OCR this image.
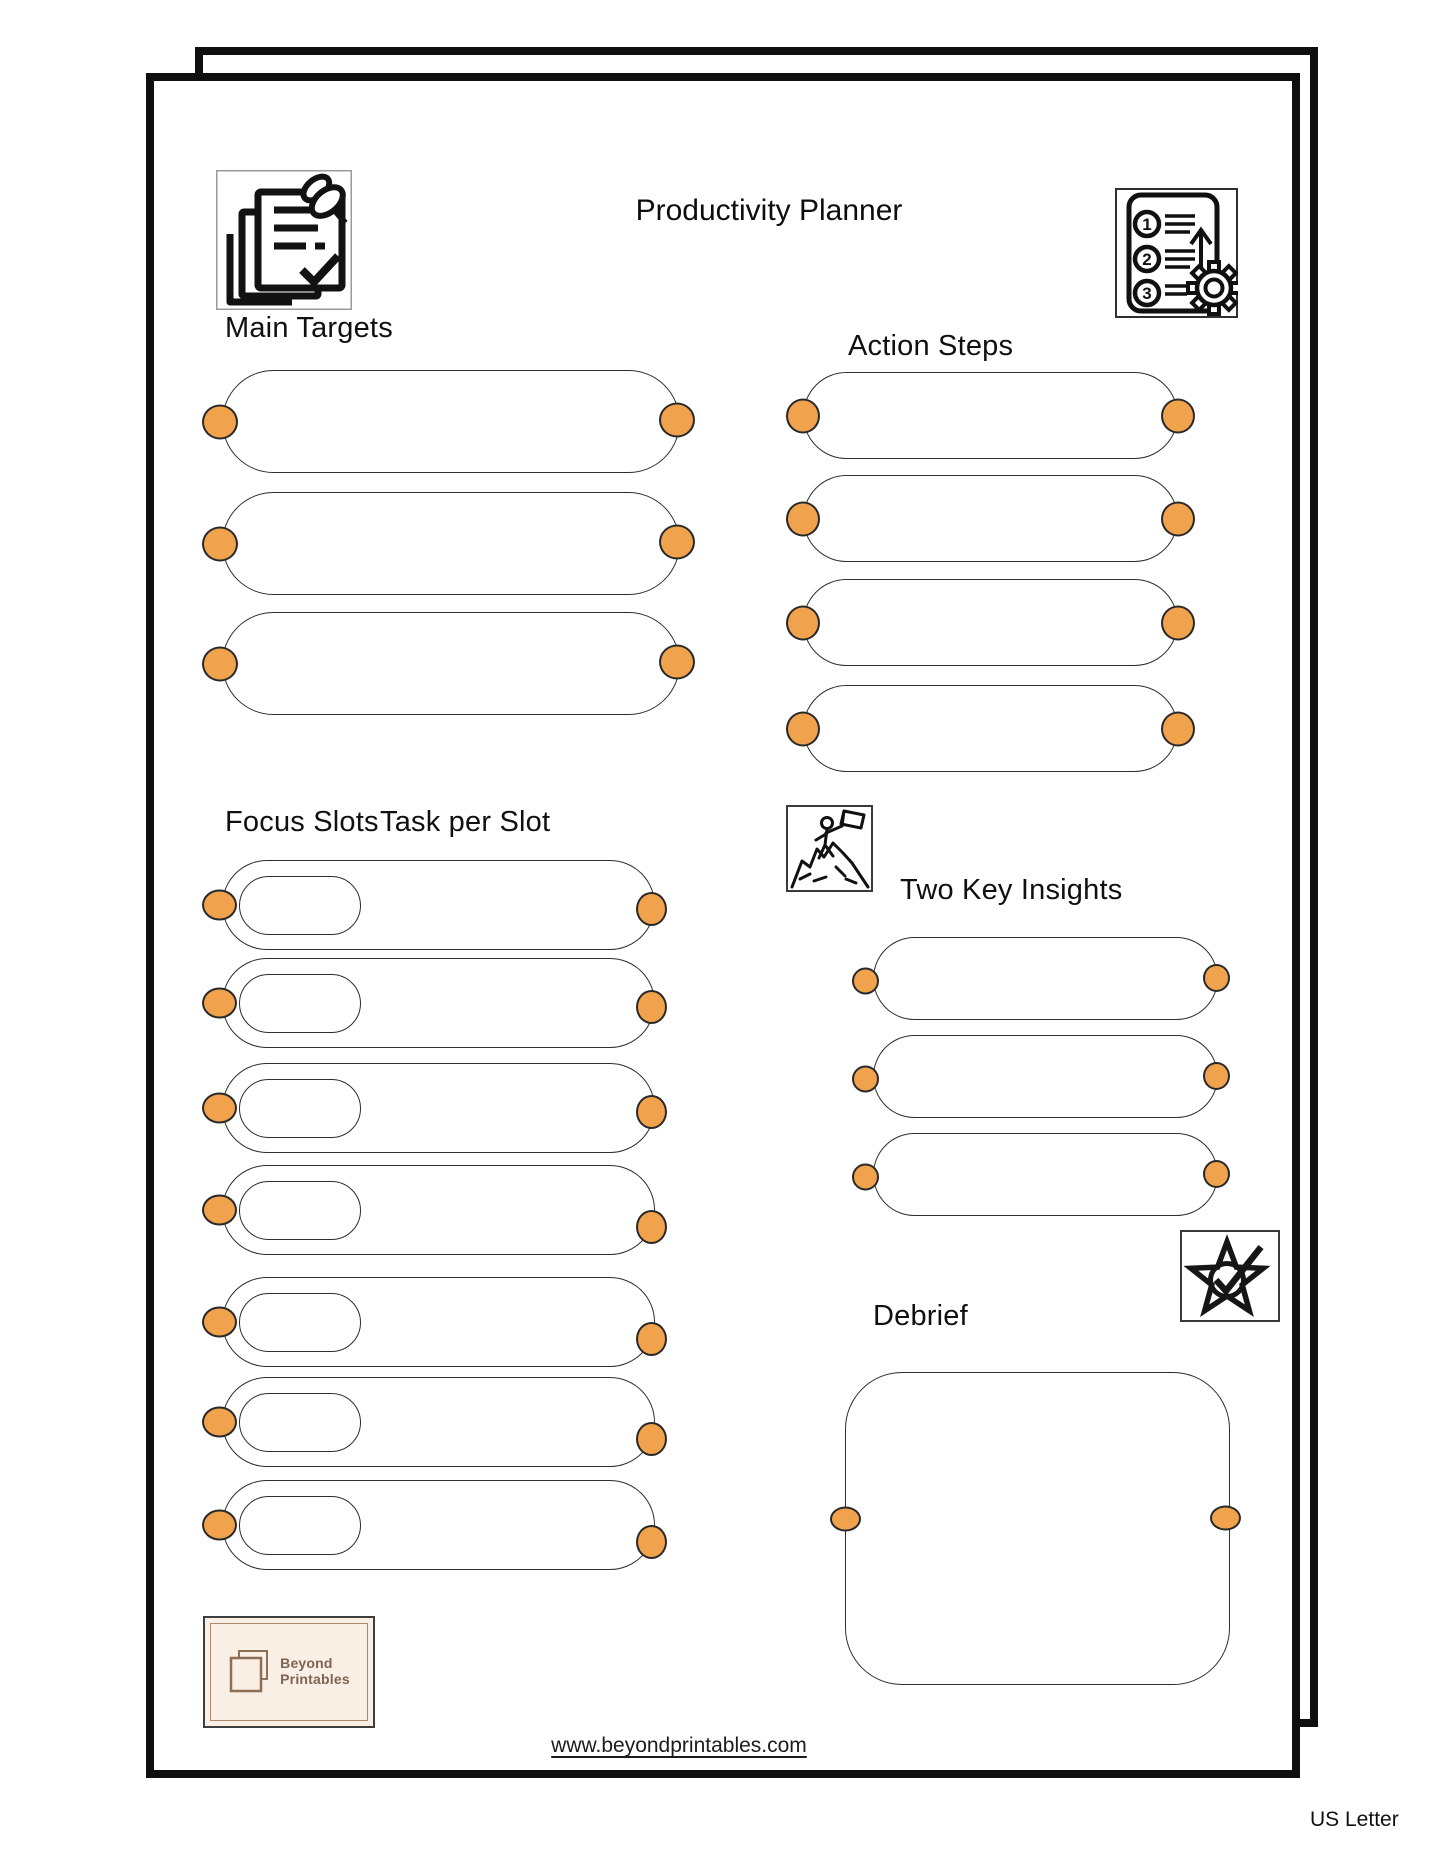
Productivity Planner	1
2
3
Main Targets
Action Steps
Focus Slots Task per Slot
Two Key Insights
Debrief
Beyond
Printables
www.beyondprintables.com
US Letter
